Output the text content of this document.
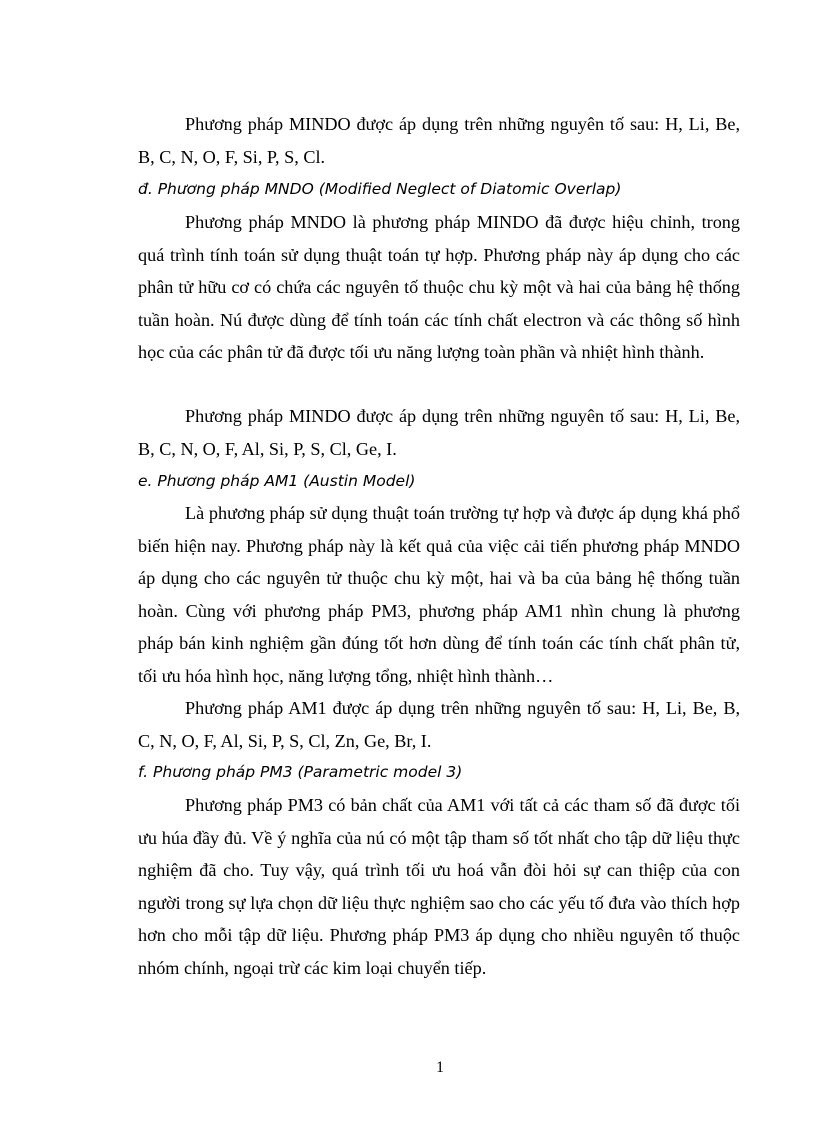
Phương pháp MINDO được áp dụng trên những nguyên tố sau: H, Li, Be, B, C, N, O, F, Si, P, S, Cl.

đ. Phương pháp MNDO (Modified Neglect of Diatomic Overlap)

Phương pháp MNDO là phương pháp MINDO đã được hiệu chỉnh, trong quá trình tính toán sử dụng thuật toán tự hợp. Phương pháp này áp dụng cho các phân tử hữu cơ có chứa các nguyên tố thuộc chu kỳ một và hai của bảng hệ thống tuần hoàn. Nú được dùng để tính toán các tính chất electron và các thông số hình học của các phân tử đã được tối ưu năng lượng toàn phần và nhiệt hình thành.

Phương pháp MINDO được áp dụng trên những nguyên tố sau: H, Li, Be, B, C, N, O, F, Al, Si, P, S, Cl, Ge, I.

e. Phương pháp AM1 (Austin Model)

Là phương pháp sử dụng thuật toán trường tự hợp và được áp dụng khá phổ biến hiện nay. Phương pháp này là kết quả của việc cải tiến phương pháp MNDO áp dụng cho các nguyên tử thuộc chu kỳ một, hai và ba của bảng hệ thống tuần hoàn. Cùng với phương pháp PM3, phương pháp AM1 nhìn chung là phương pháp bán kinh nghiệm gần đúng tốt hơn dùng để tính toán các tính chất phân tử, tối ưu hóa hình học, năng lượng tổng, nhiệt hình thành…

Phương pháp AM1 được áp dụng trên những nguyên tố sau: H, Li, Be, B, C, N, O, F, Al, Si, P, S, Cl, Zn, Ge, Br, I.

f. Phương pháp PM3 (Parametric model 3)

Phương pháp PM3 có bản chất của AM1 với tất cả các tham số đã được tối ưu húa đầy đủ. Về ý nghĩa của nú có một tập tham số tốt nhất cho tập dữ liệu thực nghiệm đã cho. Tuy vậy, quá trình tối ưu hoá vẫn đòi hỏi sự can thiệp của con người trong sự lựa chọn dữ liệu thực nghiệm sao cho các yếu tố đưa vào thích hợp hơn cho mỗi tập dữ liệu. Phương pháp PM3 áp dụng cho nhiều nguyên tố thuộc nhóm chính, ngoại trừ các kim loại chuyển tiếp.

1
